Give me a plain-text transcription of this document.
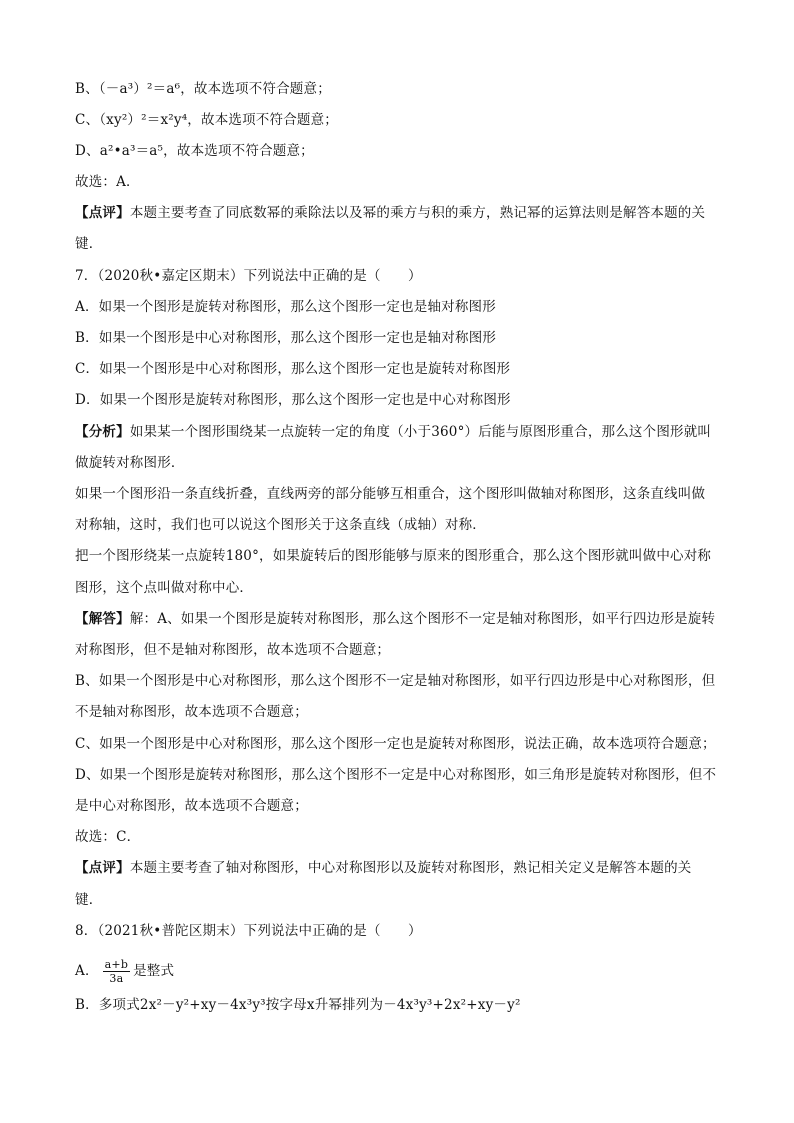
B、（－a³）²＝a⁶，故本选项不符合题意；
C、（xy²）²＝x²y⁴，故本选项不符合题意；
D、a²•a³＝a⁵，故本选项不符合题意；
故选：A．
【点评】本题主要考查了同底数幂的乘除法以及幂的乘方与积的乘方，熟记幂的运算法则是解答本题的关
键．
7．（2020秋•嘉定区期末）下列说法中正确的是（　　）
A．如果一个图形是旋转对称图形，那么这个图形一定也是轴对称图形
B．如果一个图形是中心对称图形，那么这个图形一定也是轴对称图形
C．如果一个图形是中心对称图形，那么这个图形一定也是旋转对称图形
D．如果一个图形是旋转对称图形，那么这个图形一定也是中心对称图形
【分析】如果某一个图形围绕某一点旋转一定的角度（小于360°）后能与原图形重合，那么这个图形就叫
做旋转对称图形．
如果一个图形沿一条直线折叠，直线两旁的部分能够互相重合，这个图形叫做轴对称图形，这条直线叫做
对称轴，这时，我们也可以说这个图形关于这条直线（成轴）对称．
把一个图形绕某一点旋转180°，如果旋转后的图形能够与原来的图形重合，那么这个图形就叫做中心对称
图形，这个点叫做对称中心．
【解答】解：A、如果一个图形是旋转对称图形，那么这个图形不一定是轴对称图形，如平行四边形是旋转
对称图形，但不是轴对称图形，故本选项不合题意；
B、如果一个图形是中心对称图形，那么这个图形不一定是轴对称图形，如平行四边形是中心对称图形，但
不是轴对称图形，故本选项不合题意；
C、如果一个图形是中心对称图形，那么这个图形一定也是旋转对称图形，说法正确，故本选项符合题意；
D、如果一个图形是旋转对称图形，那么这个图形不一定是中心对称图形，如三角形是旋转对称图形，但不
是中心对称图形，故本选项不合题意；
故选：C．
【点评】本题主要考查了轴对称图形，中心对称图形以及旋转对称图形，熟记相关定义是解答本题的关
键．
8．（2021秋•普陀区期末）下列说法中正确的是（　　）
A． $\frac{a+b}{3a}$ 是整式
B．多项式2x²－y²+xy－4x³y³按字母x升幂排列为－4x³y³+2x²+xy－y²
